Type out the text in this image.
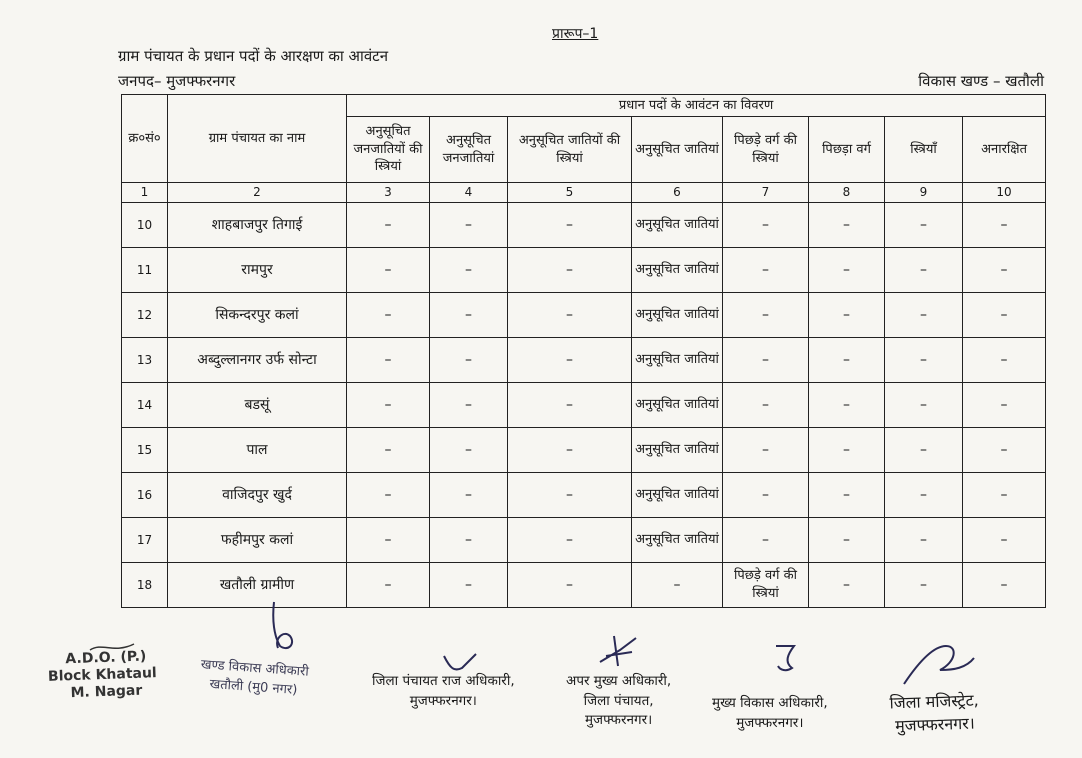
प्रारूप–1
ग्राम पंचायत के प्रधान पदों के आरक्षण का आवंटन
जनपद– मुजफ्फरनगर	विकास खण्ड – खतौली
क्र०सं०	ग्राम पंचायत का नाम	प्रधान पदों के आवंटन का विवरण							
		अनुसूचित जनजातियों की स्त्रियां	अनुसूचित जनजातियां	अनुसूचित जातियों की स्त्रियां	अनुसूचित जातियां	पिछड़े वर्ग की स्त्रियां	पिछड़ा वर्ग	स्त्रियाँ	अनारक्षित
1	2	3	4	5	6	7	8	9	10
10	शाहबाजपुर तिगाई	–	–	–	अनुसूचित जातियां	–	–	–	–
11	रामपुर	–	–	–	अनुसूचित जातियां	–	–	–	–
12	सिकन्दरपुर कलां	–	–	–	अनुसूचित जातियां	–	–	–	–
13	अब्दुल्लानगर उर्फ सोन्टा	–	–	–	अनुसूचित जातियां	–	–	–	–
14	बडसूं	–	–	–	अनुसूचित जातियां	–	–	–	–
15	पाल	–	–	–	अनुसूचित जातियां	–	–	–	–
16	वाजिदपुर खुर्द	–	–	–	अनुसूचित जातियां	–	–	–	–
17	फहीमपुर कलां	–	–	–	अनुसूचित जातियां	–	–	–	–
18	खतौली ग्रामीण	–	–	–	–	पिछड़े वर्ग की स्त्रियां	–	–	–
A.D.O. (P.)
Block Khataul
M. Nagar
खण्ड विकास अधिकारी
खतौली (मु0 नगर)	जिला पंचायत राज अधिकारी,
मुजफ्फरनगर।
अपर मुख्य अधिकारी,
जिला पंचायत,
मुजफ्फरनगर।
मुख्य विकास अधिकारी,
मुजफ्फरनगर।
जिला मजिस्ट्रेट,
मुजफ्फरनगर।
